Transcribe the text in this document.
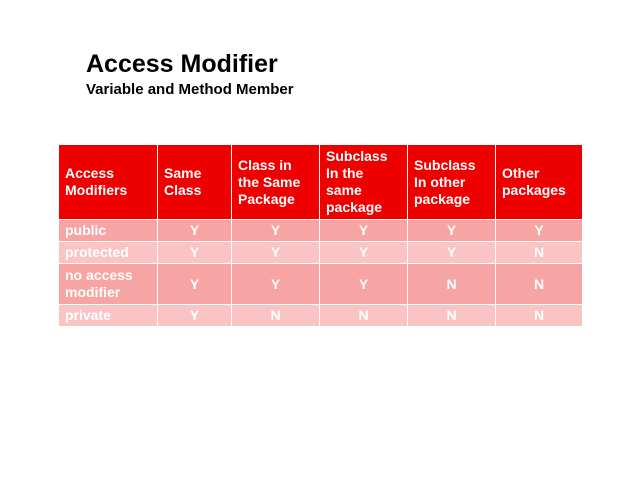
Access Modifier
Variable and Method Member
Access Modifiers	Same Class	Class in the Same Package	Subclass In the same package	Subclass In other package	Other packages
public	Y	Y	Y	Y	Y
protected	Y	Y	Y	Y	N
no access modifier	Y	Y	Y	N	N
private	Y	N	N	N	N
